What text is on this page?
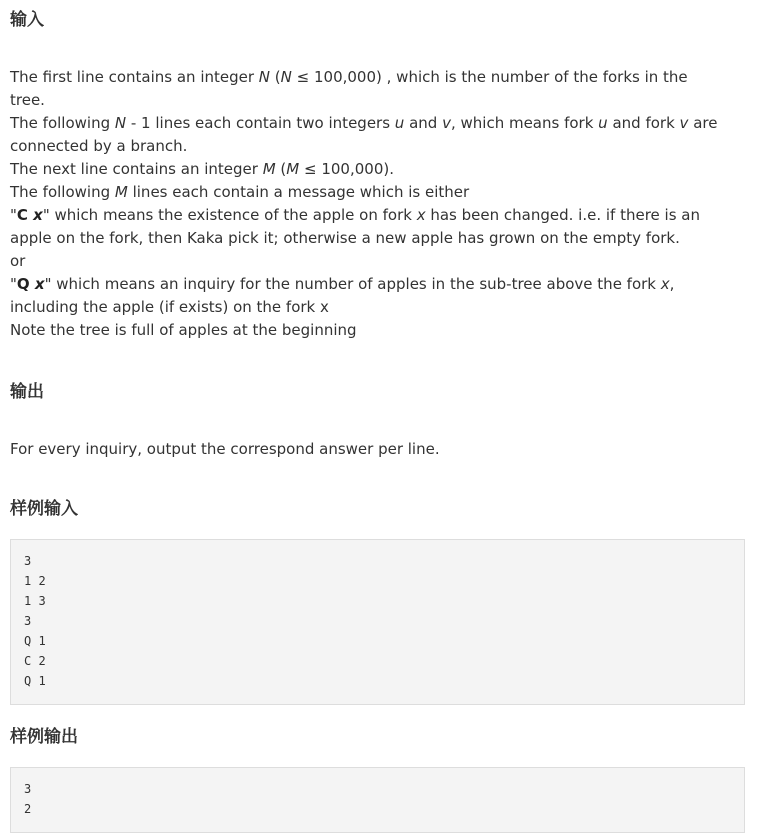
输入
The first line contains an integer N (N ≤ 100,000) , which is the number of the forks in the
tree.
The following N - 1 lines each contain two integers u and v, which means fork u and fork v are
connected by a branch.
The next line contains an integer M (M ≤ 100,000).
The following M lines each contain a message which is either
"C x" which means the existence of the apple on fork x has been changed. i.e. if there is an
apple on the fork, then Kaka pick it; otherwise a new apple has grown on the empty fork.
or
"Q x" which means an inquiry for the number of apples in the sub-tree above the fork x,
including the apple (if exists) on the fork x
Note the tree is full of apples at the beginning
输出
For every inquiry, output the correspond answer per line.
样例输入
3
1 2
1 3
3
Q 1
C 2
Q 1
样例输出
3
2
